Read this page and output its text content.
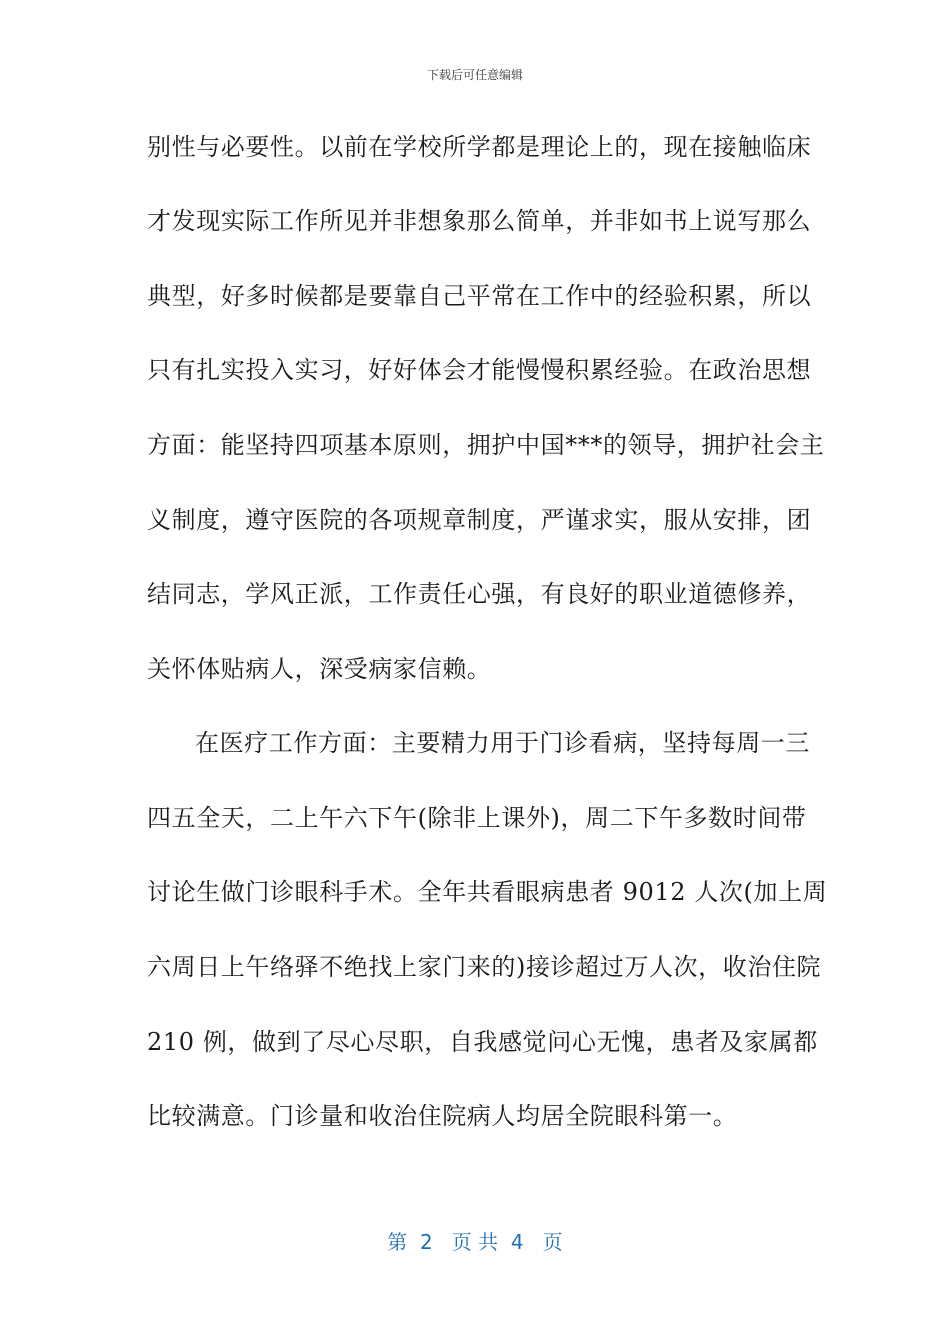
下载后可任意编辑
别性与必要性。以前在学校所学都是理论上的，现在接触临床
才发现实际工作所见并非想象那么简单，并非如书上说写那么
典型，好多时候都是要靠自己平常在工作中的经验积累，所以
只有扎实投入实习，好好体会才能慢慢积累经验。在政治思想
方面：能坚持四项基本原则，拥护中国***的领导，拥护社会主
义制度，遵守医院的各项规章制度，严谨求实，服从安排，团
结同志，学风正派，工作责任心强，有良好的职业道德修养，
关怀体贴病人，深受病家信赖。
在医疗工作方面：主要精力用于门诊看病，坚持每周一三
四五全天，二上午六下午(除非上课外)，周二下午多数时间带
讨论生做门诊眼科手术。全年共看眼病患者 9012 人次(加上周
六周日上午络驿不绝找上家门来的)接诊超过万人次，收治住院
210 例，做到了尽心尽职，自我感觉问心无愧，患者及家属都
比较满意。门诊量和收治住院病人均居全院眼科第一。
第  2   页 共  4   页
